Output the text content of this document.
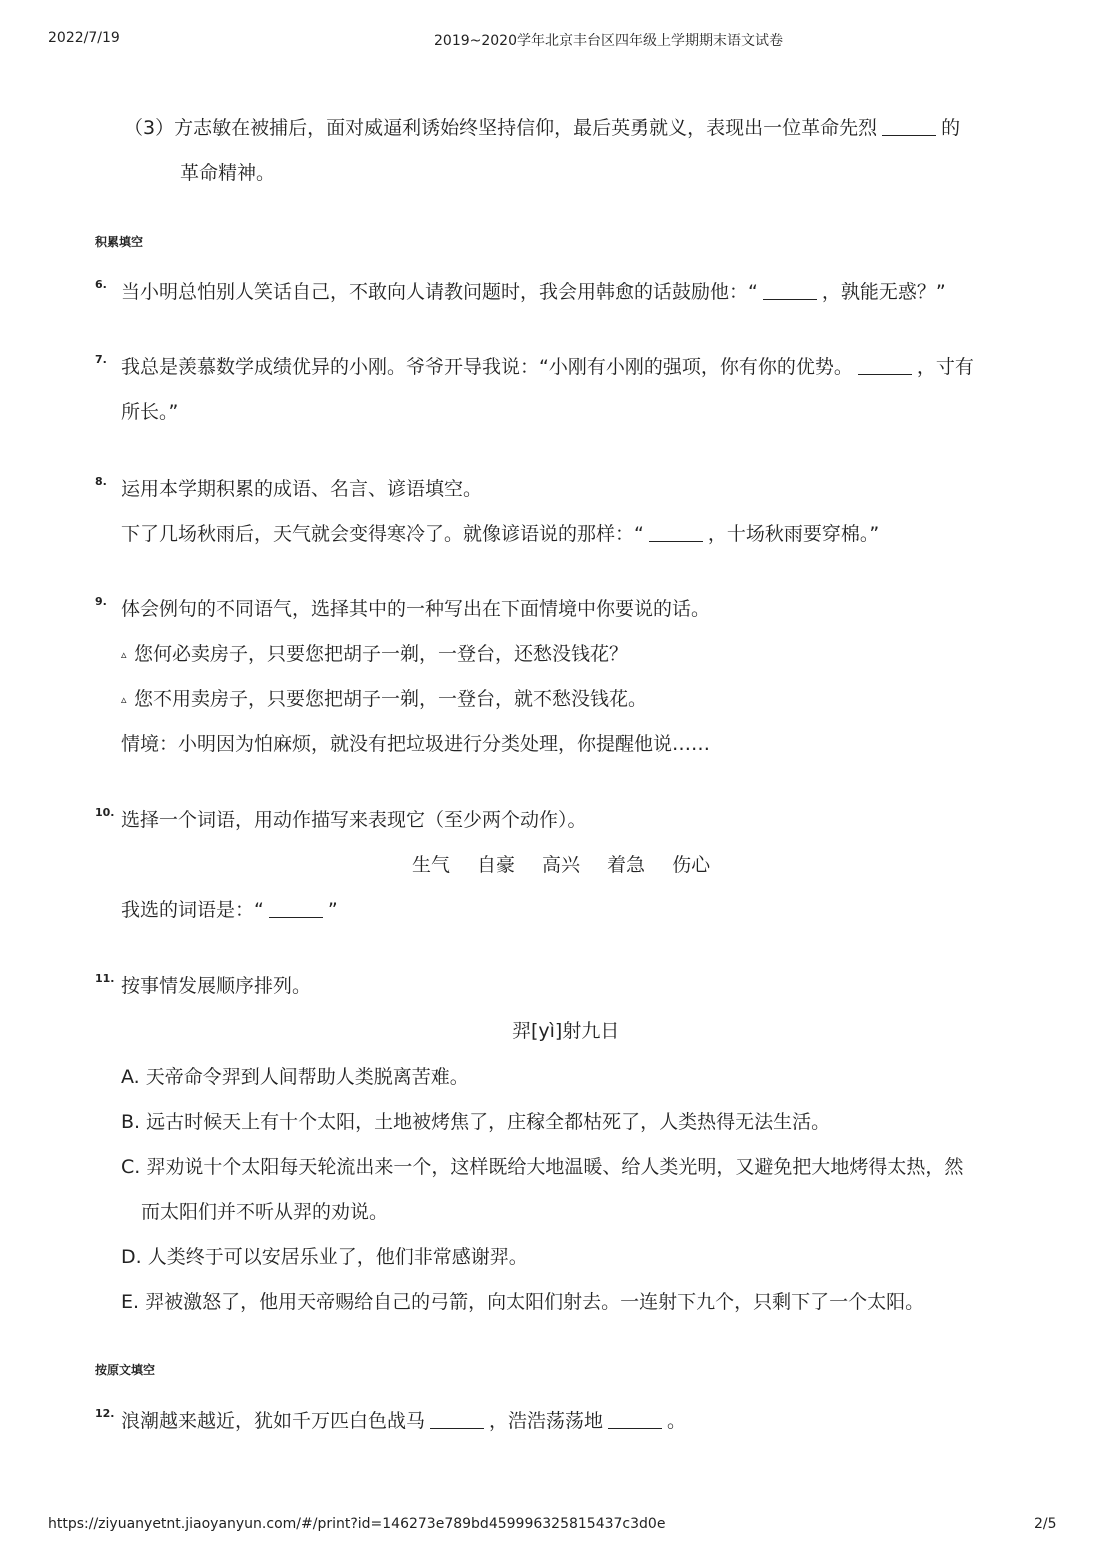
2022/7/19	2019~2020学年北京丰台区四年级上学期期末语文试卷
（3）方志敏在被捕后，面对威逼利诱始终坚持信仰，最后英勇就义，表现出一位革命先烈	的
革命精神。
积累填空
6. 当小明总怕别人笑话自己，不敢向人请教问题时，我会用韩愈的话鼓励他：“	，孰能无惑？”
7. 我总是羡慕数学成绩优异的小刚。爷爷开导我说：“小刚有小刚的强项，你有你的优势。	，寸有
所长。”
8. 运用本学期积累的成语、名言、谚语填空。
下了几场秋雨后，天气就会变得寒冷了。就像谚语说的那样：“	，十场秋雨要穿棉。”
9. 体会例句的不同语气，选择其中的一种写出在下面情境中你要说的话。
▵ 您何必卖房子，只要您把胡子一剃，一登台，还愁没钱花？
▵ 您不用卖房子，只要您把胡子一剃，一登台，就不愁没钱花。
情境：小明因为怕麻烦，就没有把垃圾进行分类处理，你提醒他说……
10. 选择一个词语，用动作描写来表现它（至少两个动作）。
生气 自豪 高兴 着急 伤心
我选的词语是：“	”
11. 按事情发展顺序排列。
羿[yì]射九日
A. 天帝命令羿到人间帮助人类脱离苦难。
B. 远古时候天上有十个太阳，土地被烤焦了，庄稼全都枯死了，人类热得无法生活。
C. 羿劝说十个太阳每天轮流出来一个，这样既给大地温暖、给人类光明，又避免把大地烤得太热，然
而太阳们并不听从羿的劝说。
D. 人类终于可以安居乐业了，他们非常感谢羿。
E. 羿被激怒了，他用天帝赐给自己的弓箭，向太阳们射去。一连射下九个，只剩下了一个太阳。
按原文填空
12. 浪潮越来越近，犹如千万匹白色战马	，浩浩荡荡地	。
https://ziyuanyetnt.jiaoyanyun.com/#/print?id=146273e789bd459996325815437c3d0e	2/5
